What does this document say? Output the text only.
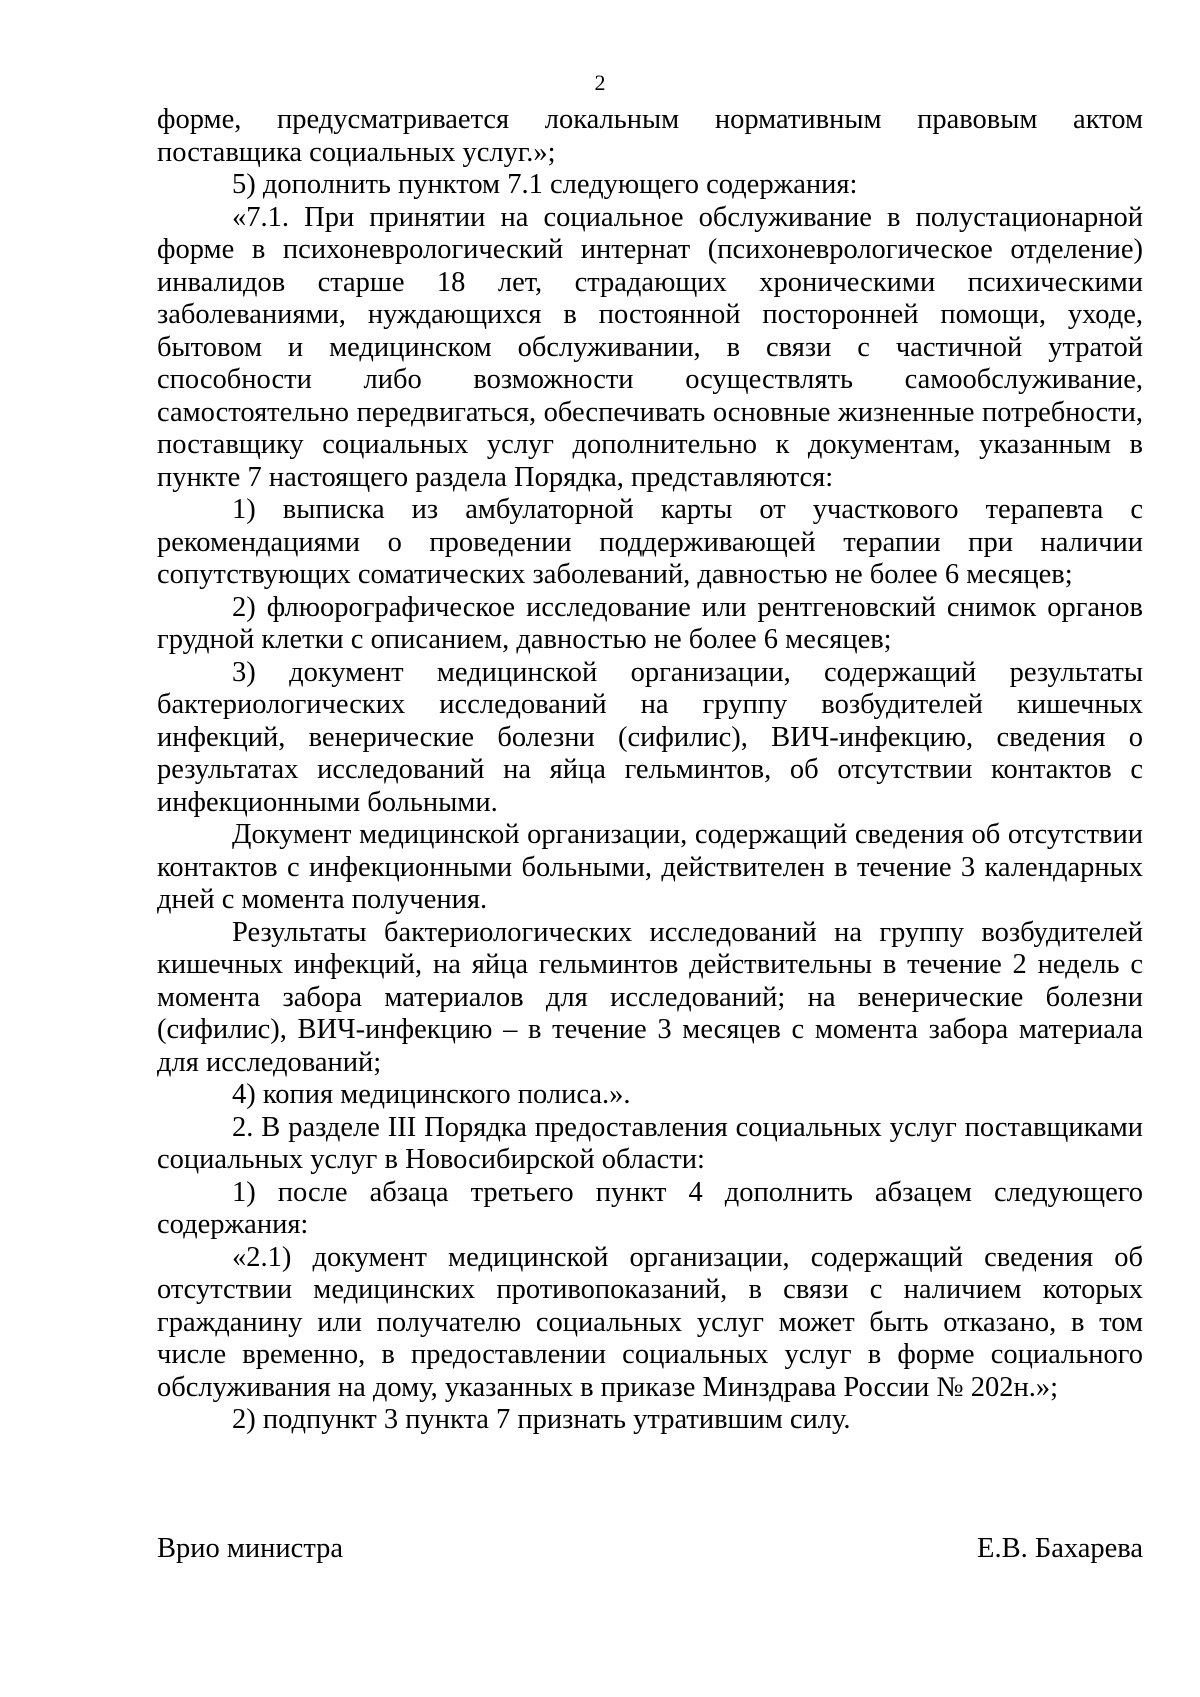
2

форме, предусматривается локальным нормативным правовым актом поставщика социальных услуг.»;

5) дополнить пунктом 7.1 следующего содержания:

«7.1. При принятии на социальное обслуживание в полустационарной форме в психоневрологический интернат (психоневрологическое отделение) инвалидов старше 18 лет, страдающих хроническими психическими заболеваниями, нуждающихся в постоянной посторонней помощи, уходе, бытовом и медицинском обслуживании, в связи с частичной утратой способности либо возможности осуществлять самообслуживание, самостоятельно передвигаться, обеспечивать основные жизненные потребности, поставщику социальных услуг дополнительно к документам, указанным в пункте 7 настоящего раздела Порядка, представляются:

1) выписка из амбулаторной карты от участкового терапевта с рекомендациями о проведении поддерживающей терапии при наличии сопутствующих соматических заболеваний, давностью не более 6 месяцев;

2) флюорографическое исследование или рентгеновский снимок органов грудной клетки с описанием, давностью не более 6 месяцев;

3) документ медицинской организации, содержащий результаты бактериологических исследований на группу возбудителей кишечных инфекций, венерические болезни (сифилис), ВИЧ-инфекцию, сведения о результатах исследований на яйца гельминтов, об отсутствии контактов с инфекционными больными.

Документ медицинской организации, содержащий сведения об отсутствии контактов с инфекционными больными, действителен в течение 3 календарных дней с момента получения.

Результаты бактериологических исследований на группу возбудителей кишечных инфекций, на яйца гельминтов действительны в течение 2 недель с момента забора материалов для исследований; на венерические болезни (сифилис), ВИЧ-инфекцию – в течение 3 месяцев с момента забора материала для исследований;

4) копия медицинского полиса.».

2. В разделе III Порядка предоставления социальных услуг поставщиками социальных услуг в Новосибирской области:

1) после абзаца третьего пункт 4 дополнить абзацем следующего содержания:

«2.1) документ медицинской организации, содержащий сведения об отсутствии медицинских противопоказаний, в связи с наличием которых гражданину или получателю социальных услуг может быть отказано, в том числе временно, в предоставлении социальных услуг в форме социального обслуживания на дому, указанных в приказе Минздрава России № 202н.»;

2) подпункт 3 пункта 7 признать утратившим силу.

Врио министра	Е.В. Бахарева
